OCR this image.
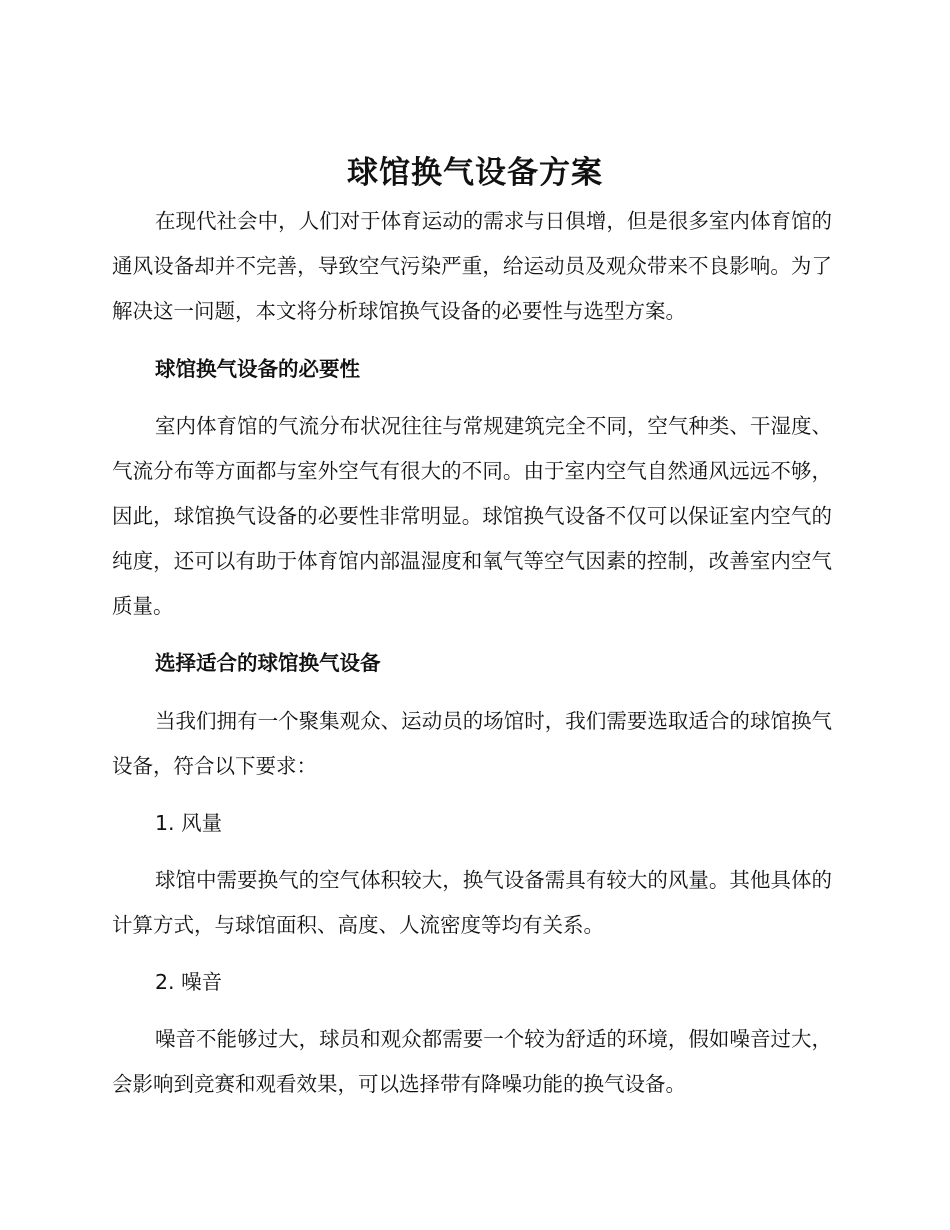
球馆换气设备方案

在现代社会中，人们对于体育运动的需求与日俱增，但是很多室内体育馆的通风设备却并不完善，导致空气污染严重，给运动员及观众带来不良影响。为了解决这一问题，本文将分析球馆换气设备的必要性与选型方案。

球馆换气设备的必要性

室内体育馆的气流分布状况往往与常规建筑完全不同，空气种类、干湿度、气流分布等方面都与室外空气有很大的不同。由于室内空气自然通风远远不够，因此，球馆换气设备的必要性非常明显。球馆换气设备不仅可以保证室内空气的纯度，还可以有助于体育馆内部温湿度和氧气等空气因素的控制，改善室内空气质量。

选择适合的球馆换气设备

当我们拥有一个聚集观众、运动员的场馆时，我们需要选取适合的球馆换气设备，符合以下要求：

1. 风量

球馆中需要换气的空气体积较大，换气设备需具有较大的风量。其他具体的计算方式，与球馆面积、高度、人流密度等均有关系。

2. 噪音

噪音不能够过大，球员和观众都需要一个较为舒适的环境，假如噪音过大，会影响到竞赛和观看效果，可以选择带有降噪功能的换气设备。
